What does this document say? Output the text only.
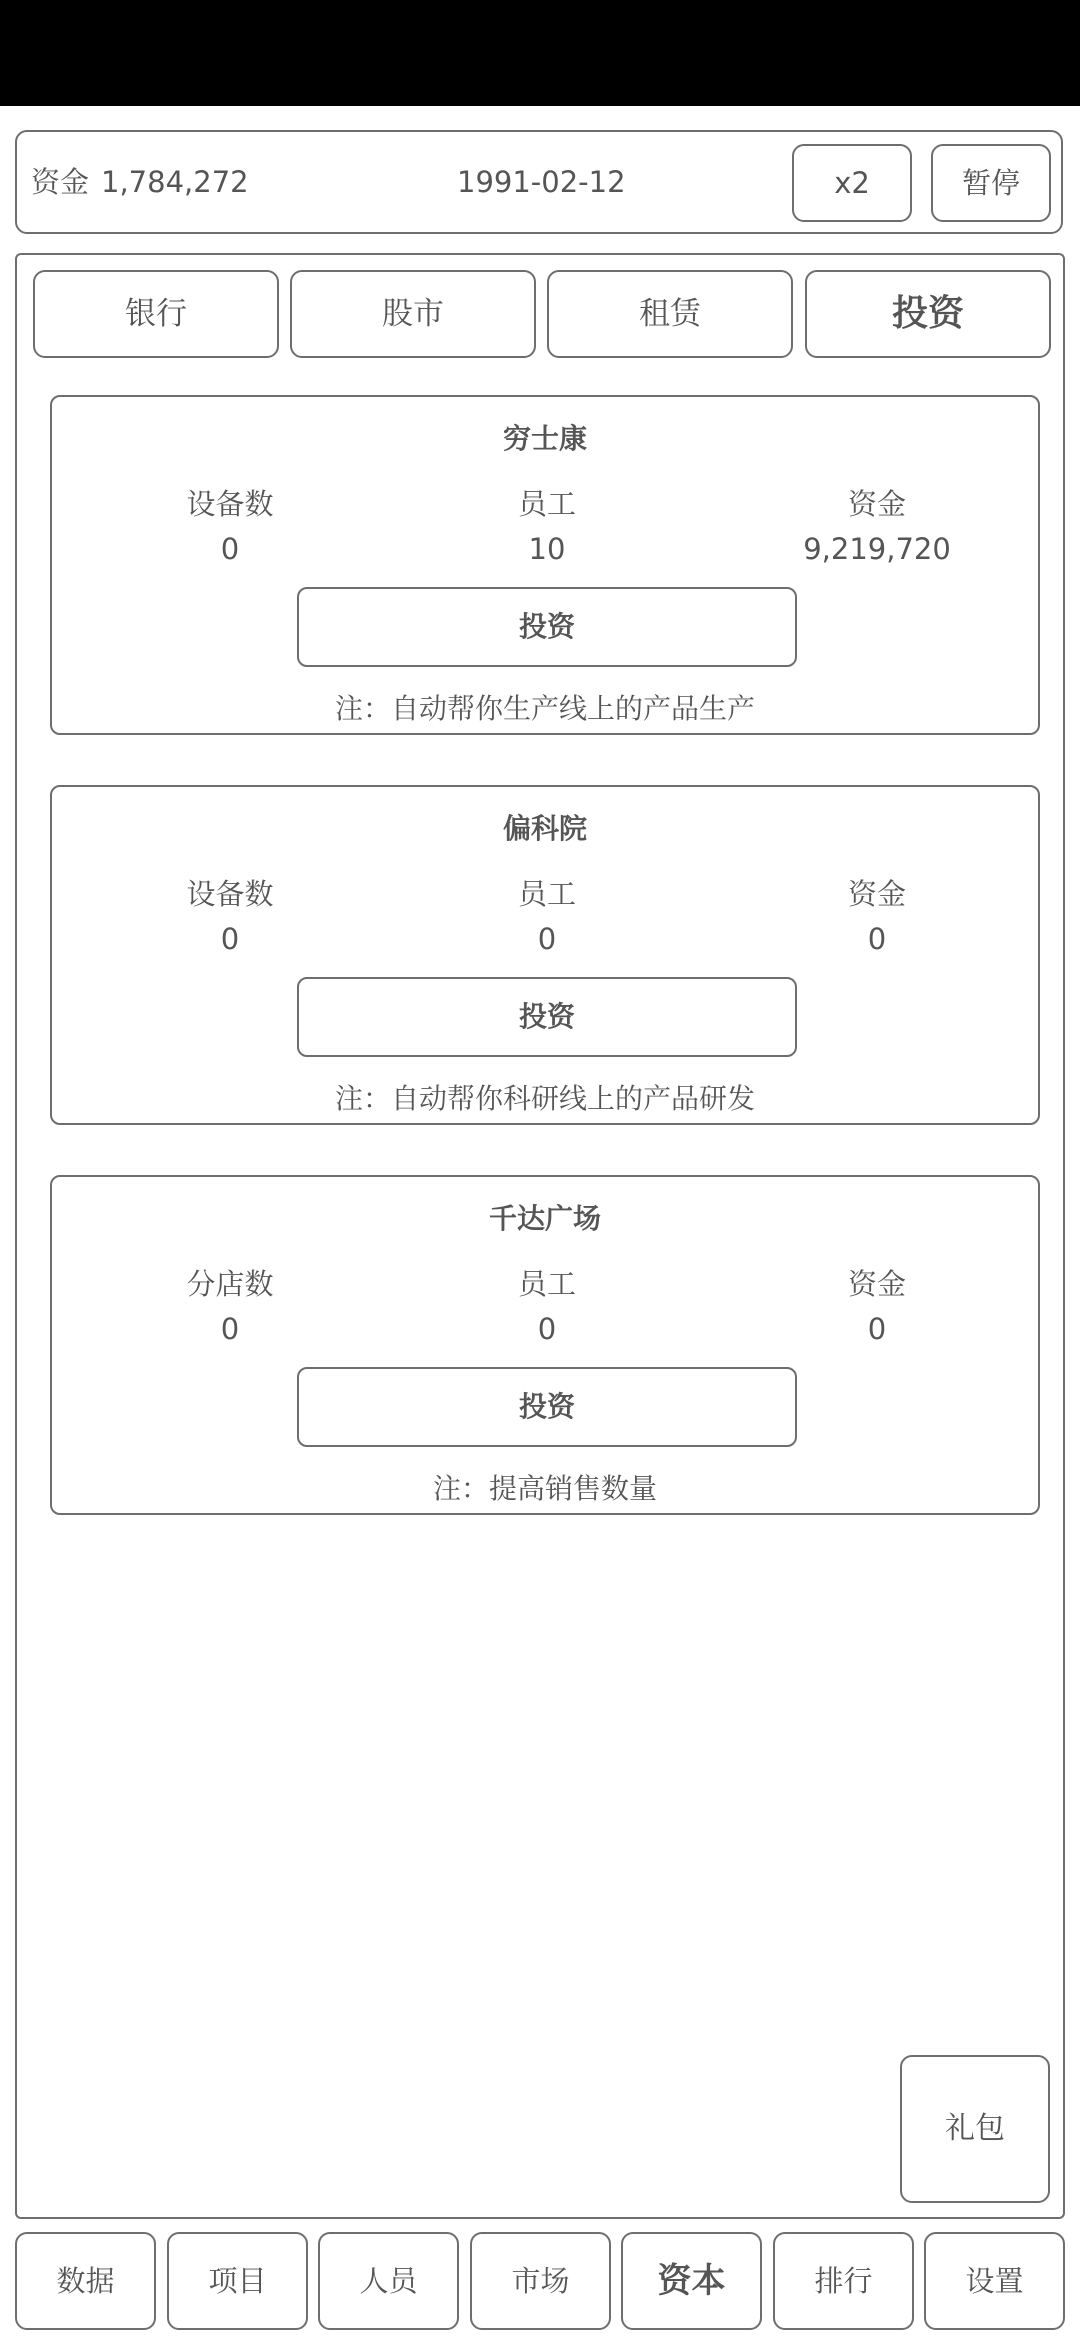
资金 1,784,272	1991-02-12	x2	暂停
银行	股市	租赁	投资
穷士康
设备数	员工	资金
0	10	9,219,720
投资
注：自动帮你生产线上的产品生产
偏科院
设备数	员工	资金
0	0	0
投资
注：自动帮你科研线上的产品研发
千达广场
分店数	员工	资金
0	0	0
投资
注：提高销售数量
礼包
数据	项目	人员	市场	资本	排行	设置
